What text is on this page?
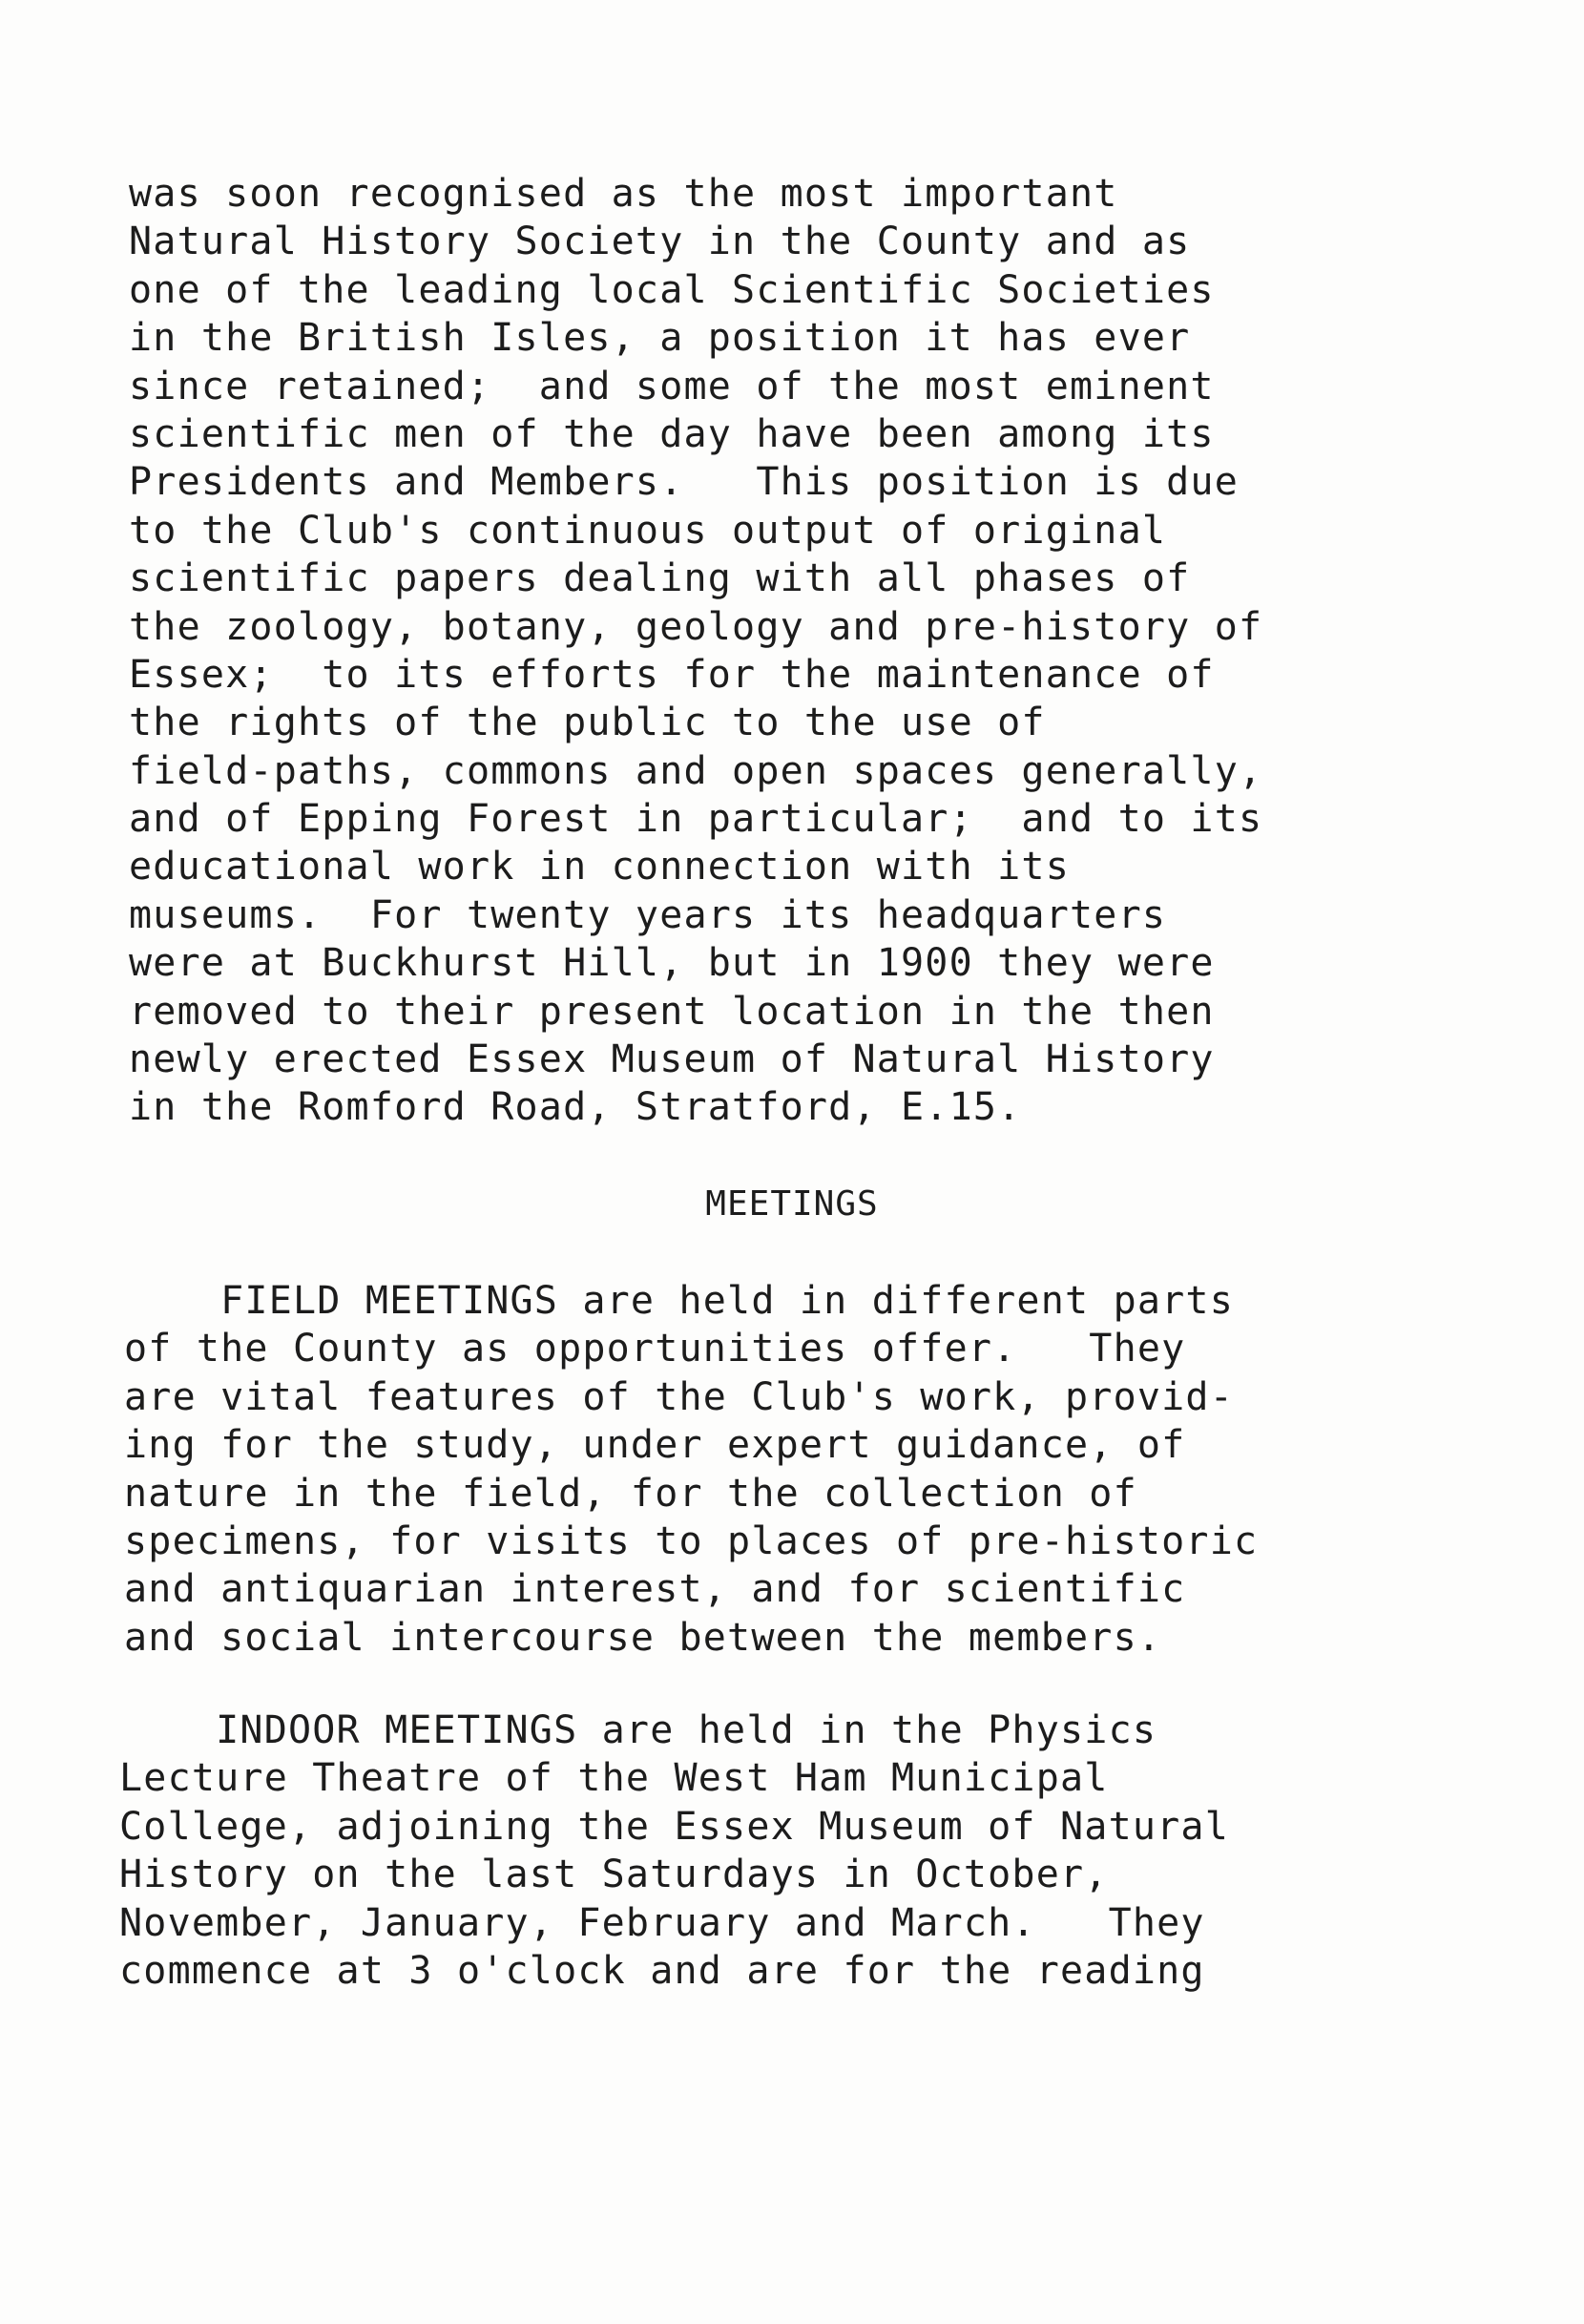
was soon recognised as the most important
Natural History Society in the County and as
one of the leading local Scientific Societies
in the British Isles, a position it has ever
since retained;  and some of the most eminent
scientific men of the day have been among its
Presidents and Members.   This position is due
to the Club's continuous output of original
scientific papers dealing with all phases of
the zoology, botany, geology and pre-history of
Essex;  to its efforts for the maintenance of
the rights of the public to the use of
field-paths, commons and open spaces generally,
and of Epping Forest in particular;  and to its
educational work in connection with its
museums.  For twenty years its headquarters
were at Buckhurst Hill, but in 1900 they were
removed to their present location in the then
newly erected Essex Museum of Natural History
in the Romford Road, Stratford, E.15.
MEETINGS
FIELD MEETINGS are held in different parts
of the County as opportunities offer.   They
are vital features of the Club's work, provid-
ing for the study, under expert guidance, of
nature in the field, for the collection of
specimens, for visits to places of pre-historic
and antiquarian interest, and for scientific
and social intercourse between the members.
INDOOR MEETINGS are held in the Physics
Lecture Theatre of the West Ham Municipal
College, adjoining the Essex Museum of Natural
History on the last Saturdays in October,
November, January, February and March.   They
commence at 3 o'clock and are for the reading
